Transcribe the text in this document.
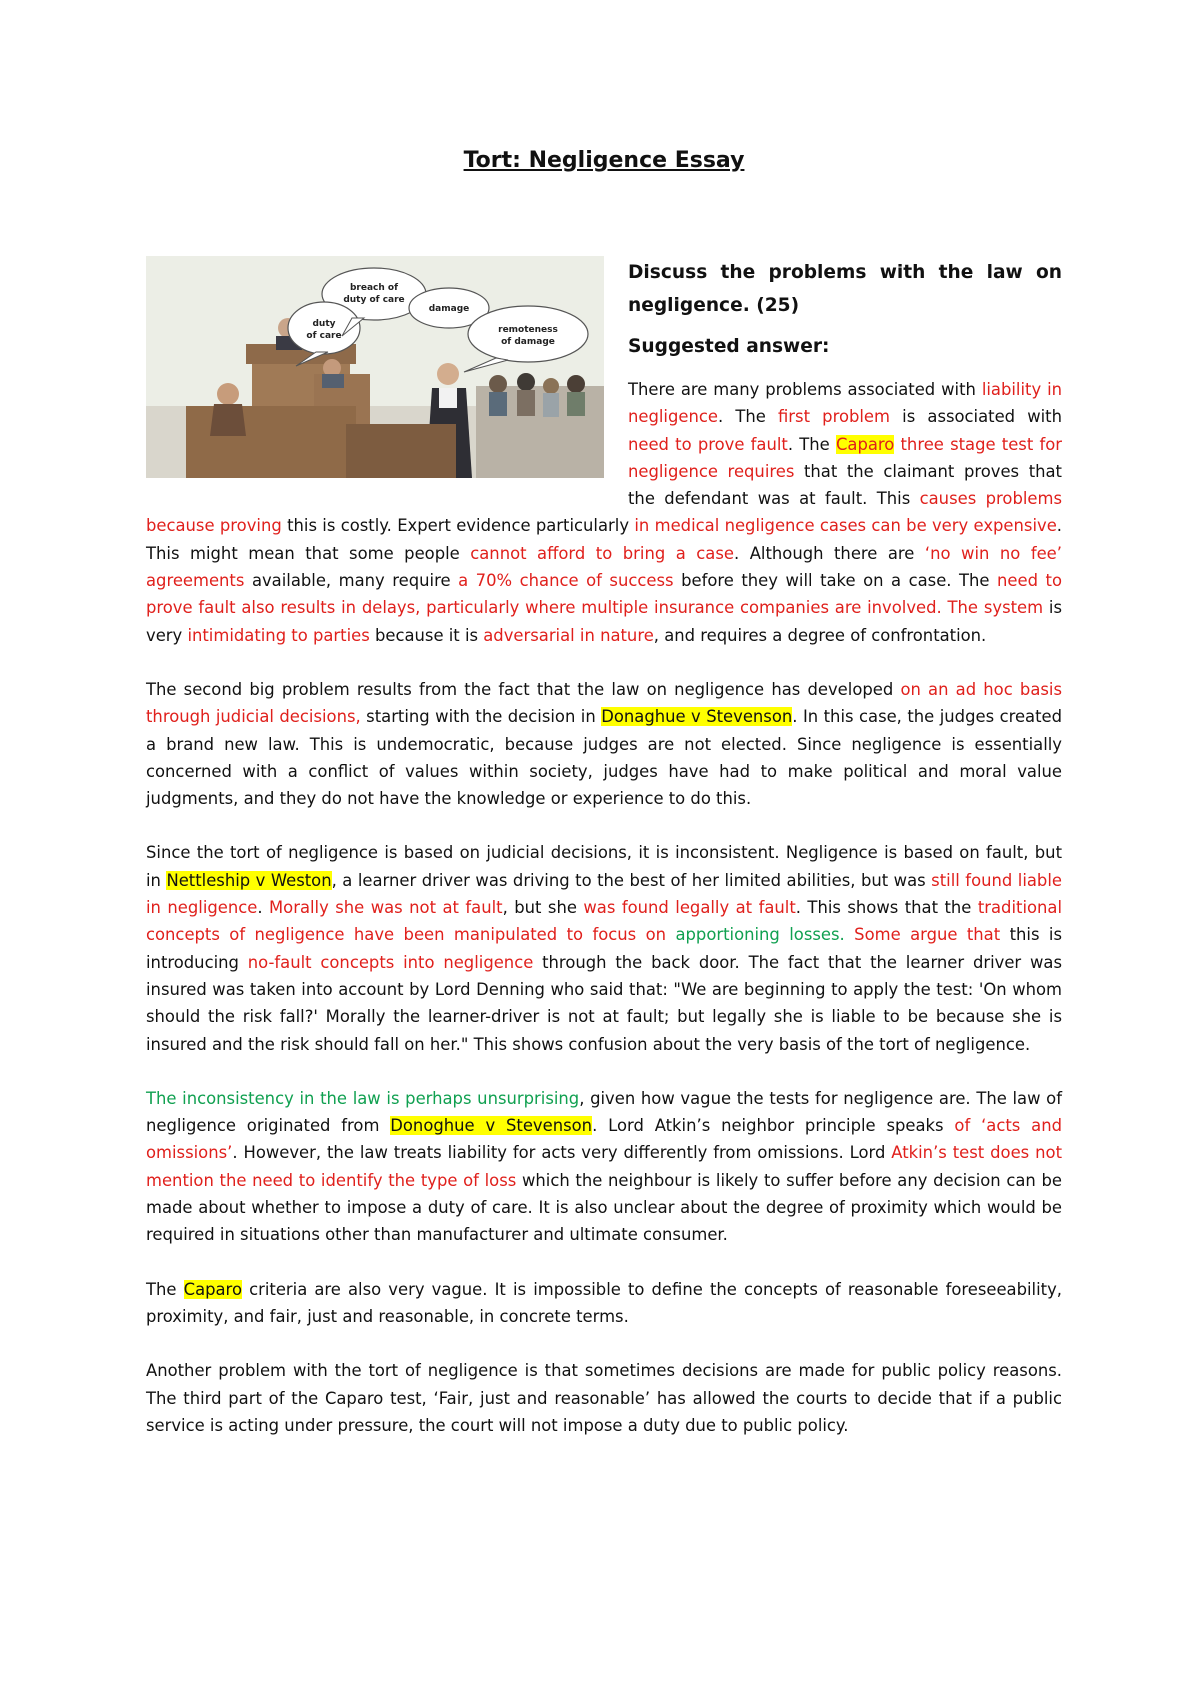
Tort: Negligence Essay
breach of
duty of care
damage
duty
of care
remoteness
of damage

Discuss the problems with the law on negligence. (25)

Suggested answer:

There are many problems associated with liability in negligence. The first problem is associated with need to prove fault. The Caparo three stage test for negligence requires that the claimant proves that the defendant was at fault. This causes problems because proving this is costly. Expert evidence particularly in medical negligence cases can be very expensive. This might mean that some people cannot afford to bring a case. Although there are ‘no win no fee’ agreements available, many require a 70% chance of success before they will take on a case. The need to prove fault also results in delays, particularly where multiple insurance companies are involved. The system is very intimidating to parties because it is adversarial in nature, and requires a degree of confrontation.

The second big problem results from the fact that the law on negligence has developed on an ad hoc basis through judicial decisions, starting with the decision in Donaghue v Stevenson. In this case, the judges created a brand new law. This is undemocratic, because judges are not elected. Since negligence is essentially concerned with a conflict of values within society, judges have had to make political and moral value judgments, and they do not have the knowledge or experience to do this.

Since the tort of negligence is based on judicial decisions, it is inconsistent. Negligence is based on fault, but in Nettleship v Weston, a learner driver was driving to the best of her limited abilities, but was still found liable in negligence. Morally she was not at fault, but she was found legally at fault. This shows that the traditional concepts of negligence have been manipulated to focus on apportioning losses. Some argue that this is introducing no-fault concepts into negligence through the back door. The fact that the learner driver was insured was taken into account by Lord Denning who said that: "We are beginning to apply the test: 'On whom should the risk fall?' Morally the learner-driver is not at fault; but legally she is liable to be because she is insured and the risk should fall on her." This shows confusion about the very basis of the tort of negligence.

The inconsistency in the law is perhaps unsurprising, given how vague the tests for negligence are. The law of negligence originated from Donoghue v Stevenson. Lord Atkin’s neighbor principle speaks of ‘acts and omissions’. However, the law treats liability for acts very differently from omissions. Lord Atkin’s test does not mention the need to identify the type of loss which the neighbour is likely to suffer before any decision can be made about whether to impose a duty of care. It is also unclear about the degree of proximity which would be required in situations other than manufacturer and ultimate consumer.

The Caparo criteria are also very vague. It is impossible to define the concepts of reasonable foreseeability, proximity, and fair, just and reasonable, in concrete terms.

Another problem with the tort of negligence is that sometimes decisions are made for public policy reasons. The third part of the Caparo test, ‘Fair, just and reasonable’ has allowed the courts to decide that if a public service is acting under pressure, the court will not impose a duty due to public policy.
